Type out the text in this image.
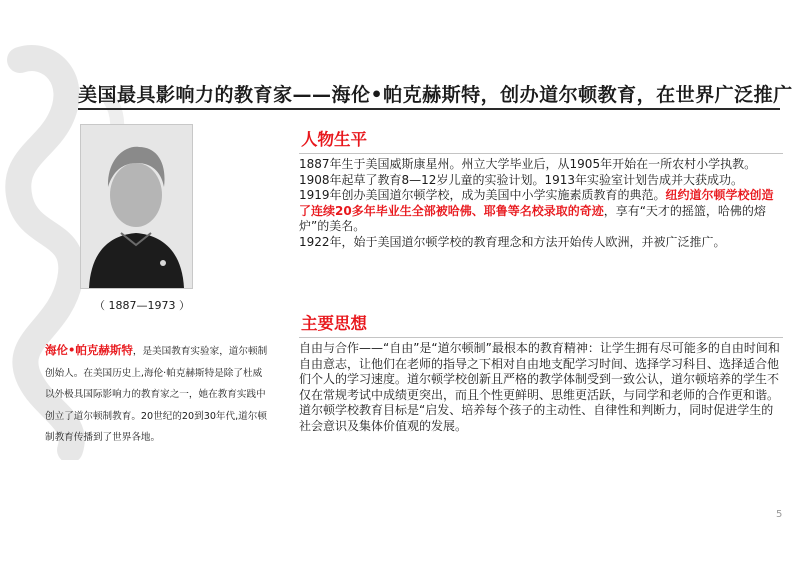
美国最具影响力的教育家——海伦•帕克赫斯特，创办道尔顿教育，在世界广泛推广
（ 1887—1973 ）
海伦•帕克赫斯特，是美国教育实验家，道尔顿制创始人。在美国历史上,海伦·帕克赫斯特是除了杜威以外极具国际影响力的教育家之一，她在教育实践中创立了道尔顿制教育。20世纪的20到30年代,道尔顿制教育传播到了世界各地。
人物生平

1887年生于美国威斯康星州。州立大学毕业后，从1905年开始在一所农村小学执教。

1908年起草了教育8—12岁儿童的实验计划。1913年实验室计划告成并大获成功。

1919年创办美国道尔顿学校，成为美国中小学实施素质教育的典范。纽约道尔顿学校创造了连续20多年毕业生全部被哈佛、耶鲁等名校录取的奇迹，享有“天才的摇篮，哈佛的熔炉”的美名。

1922年，始于美国道尔顿学校的教育理念和方法开始传人欧洲，并被广泛推广。

主要思想
自由与合作——“自由”是“道尔顿制”最根本的教育精神：让学生拥有尽可能多的自由时间和自由意志，让他们在老师的指导之下相对自由地支配学习时间、选择学习科目、选择适合他们个人的学习速度。道尔顿学校创新且严格的教学体制受到一致公认，道尔顿培养的学生不仅在常规考试中成绩更突出，而且个性更鲜明、思维更活跃，与同学和老师的合作更和谐。道尔顿学校教育目标是“启发、培养每个孩子的主动性、自律性和判断力，同时促进学生的社会意识及集体价值观的发展。
5
